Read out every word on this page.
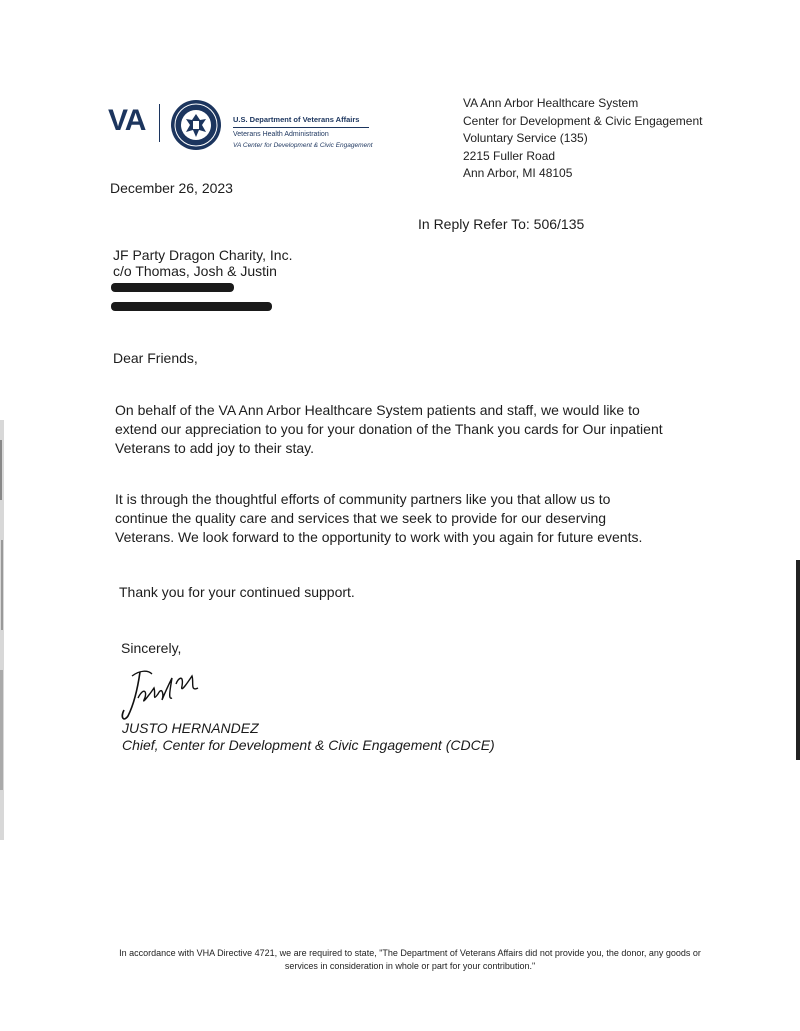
VA	U.S. Department of Veterans Affairs
Veterans Health Administration
VA Center for Development & Civic Engagement
VA Ann Arbor Healthcare System
Center for Development & Civic Engagement
Voluntary Service (135)
2215 Fuller Road
Ann Arbor, MI 48105
December 26, 2023
In Reply Refer To: 506/135
JF Party Dragon Charity, Inc.
c/o Thomas, Josh & Justin
Dear Friends,
On behalf of the VA Ann Arbor Healthcare System patients and staff, we would like to
extend our appreciation to you for your donation of the Thank you cards for Our inpatient
Veterans to add joy to their stay.
It is through the thoughtful efforts of community partners like you that allow us to
continue the quality care and services that we seek to provide for our deserving
Veterans. We look forward to the opportunity to work with you again for future events.
Thank you for your continued support.
Sincerely,
JUSTO HERNANDEZ
Chief, Center for Development & Civic Engagement (CDCE)
In accordance with VHA Directive 4721, we are required to state, "The Department of Veterans Affairs did not provide you, the donor, any goods or
services in consideration in whole or part for your contribution."
